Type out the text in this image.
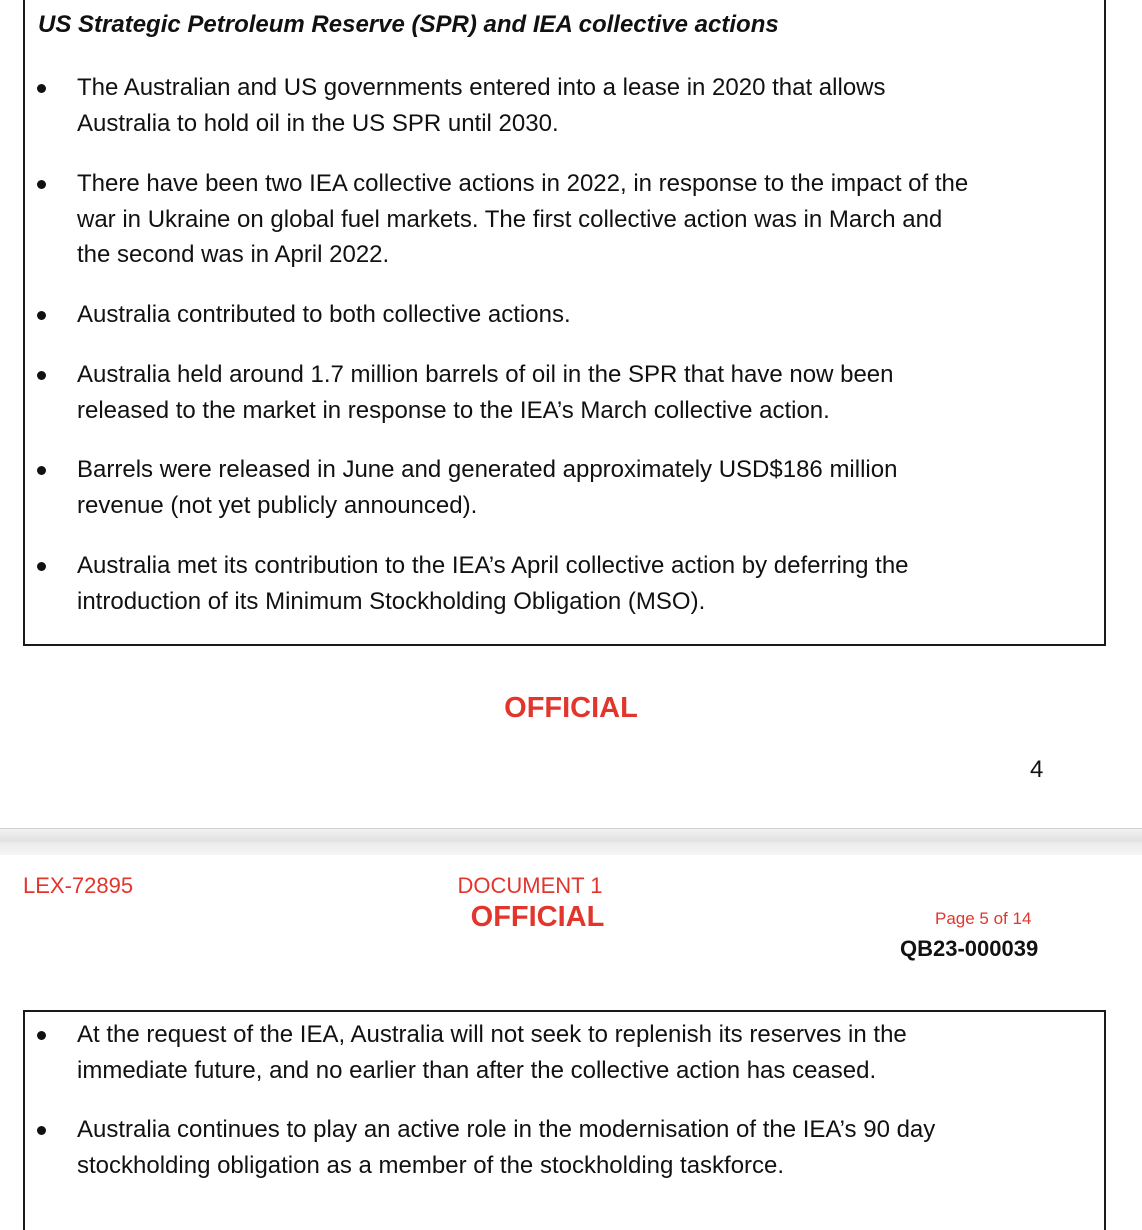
US Strategic Petroleum Reserve (SPR) and IEA collective actions

The Australian and US governments entered into a lease in 2020 that allows
Australia to hold oil in the US SPR until 2030.

There have been two IEA collective actions in 2022, in response to the impact of the
war in Ukraine on global fuel markets. The first collective action was in March and
the second was in April 2022.

Australia contributed to both collective actions.

Australia held around 1.7 million barrels of oil in the SPR that have now been
released to the market in response to the IEA’s March collective action.

Barrels were released in June and generated approximately USD$186 million
revenue (not yet publicly announced).

Australia met its contribution to the IEA’s April collective action by deferring the
introduction of its Minimum Stockholding Obligation (MSO).

OFFICIAL
4
LEX-72895	DOCUMENT 1
OFFICIAL	Page 5 of 14
QB23-000039

At the request of the IEA, Australia will not seek to replenish its reserves in the
immediate future, and no earlier than after the collective action has ceased.

Australia continues to play an active role in the modernisation of the IEA’s 90 day
stockholding obligation as a member of the stockholding taskforce.
